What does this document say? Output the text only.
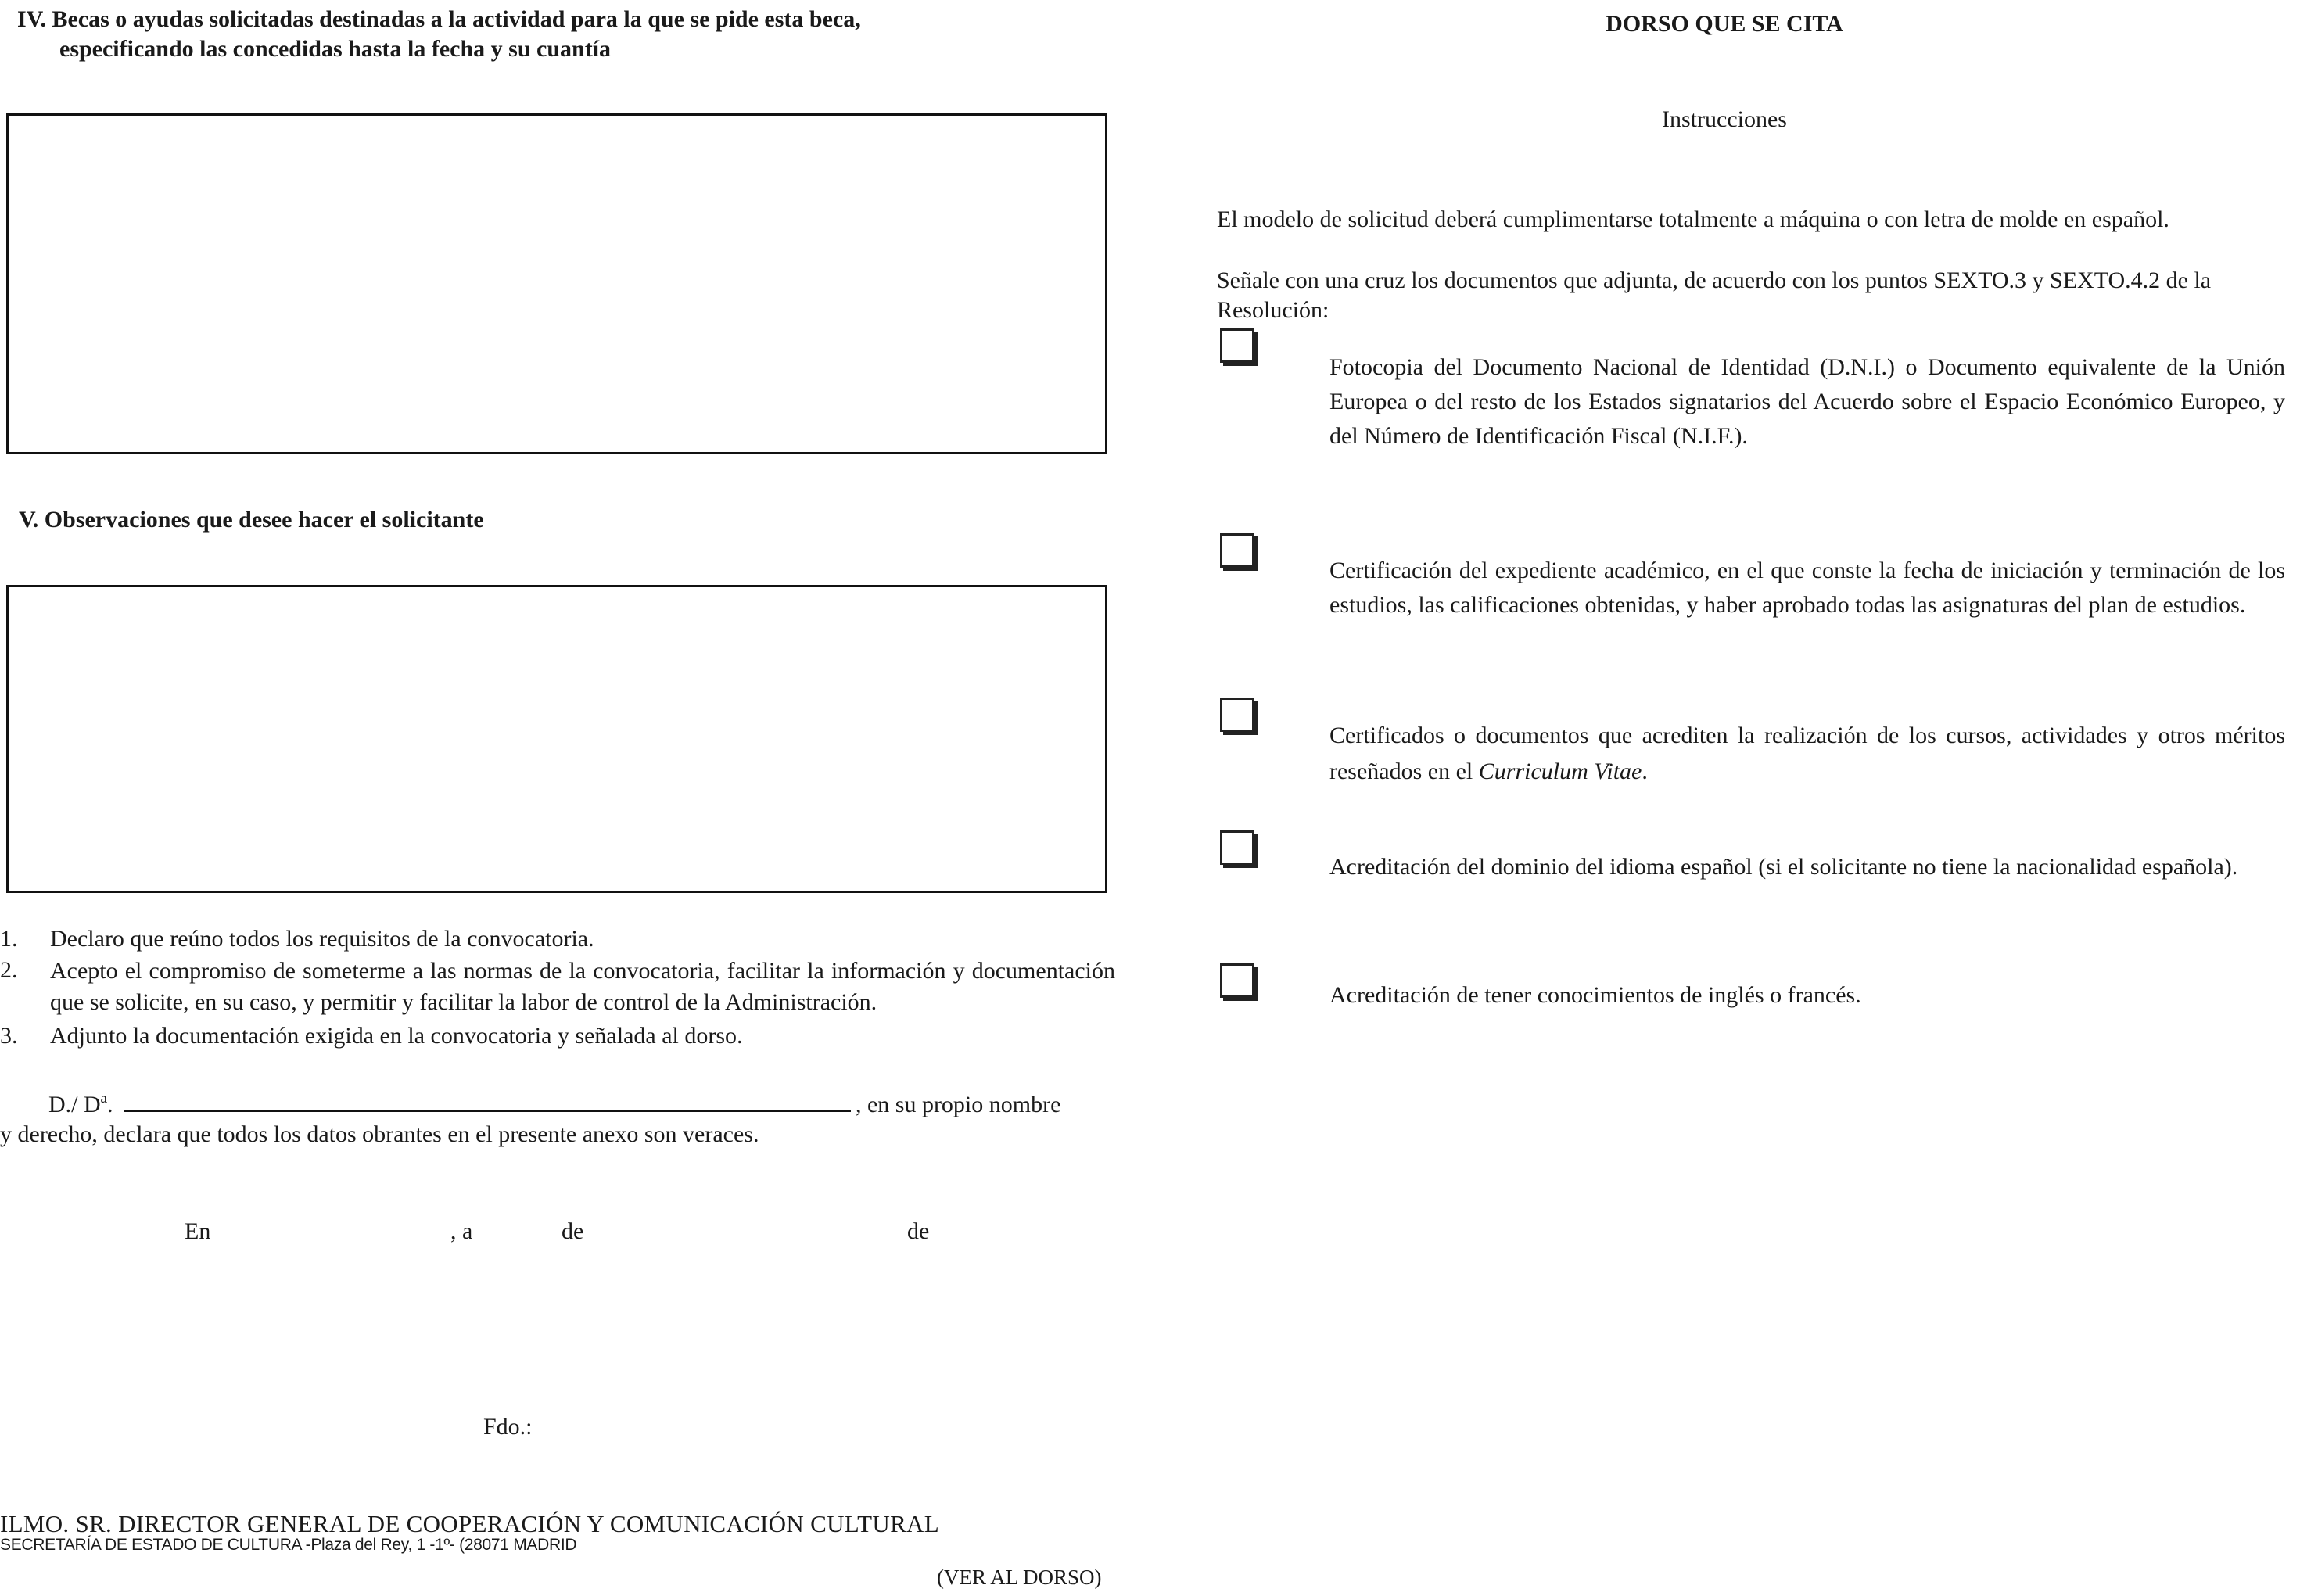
IV. Becas o ayudas solicitadas destinadas a la actividad para la que se pide esta beca,
especificando las concedidas hasta la fecha y su cuantía
V. Observaciones que desee hacer el solicitante
1. Declaro que reúno todos los requisitos de la convocatoria.
2. Acepto el compromiso de someterme a las normas de la convocatoria, facilitar la información y documentación que se solicite, en su caso, y permitir y facilitar la labor de control de la Administración.
3. Adjunto la documentación exigida en la convocatoria y señalada al dorso.
D./ Dª.	, en su propio nombre
y derecho, declara que todos los datos obrantes en el presente anexo son veraces.
En	, a	de	de
Fdo.:
ILMO. SR. DIRECTOR GENERAL DE COOPERACIÓN Y COMUNICACIÓN CULTURAL
SECRETARÍA DE ESTADO DE CULTURA -Plaza del Rey, 1 -1º- (28071 MADRID
(VER AL DORSO)
DORSO QUE SE CITA
Instrucciones
El modelo de solicitud deberá cumplimentarse totalmente a máquina o con letra de molde en español.
Señale con una cruz los documentos que adjunta, de acuerdo con los puntos SEXTO.3 y SEXTO.4.2 de la Resolución:
Fotocopia del Documento Nacional de Identidad (D.N.I.) o Documento equivalente de la Unión Europea o del resto de los Estados signatarios del Acuerdo sobre el Espacio Económico Europeo, y del Número de Identificación Fiscal (N.I.F.).
Certificación del expediente académico, en el que conste la fecha de iniciación y terminación de los estudios, las calificaciones obtenidas, y haber aprobado todas las asignaturas del plan de estudios.
Certificados o documentos que acrediten la realización de los cursos, actividades y otros méritos reseñados en el Curriculum Vitae.
Acreditación del dominio del idioma español (si el solicitante no tiene la nacionalidad española).
Acreditación de tener conocimientos de inglés o francés.
